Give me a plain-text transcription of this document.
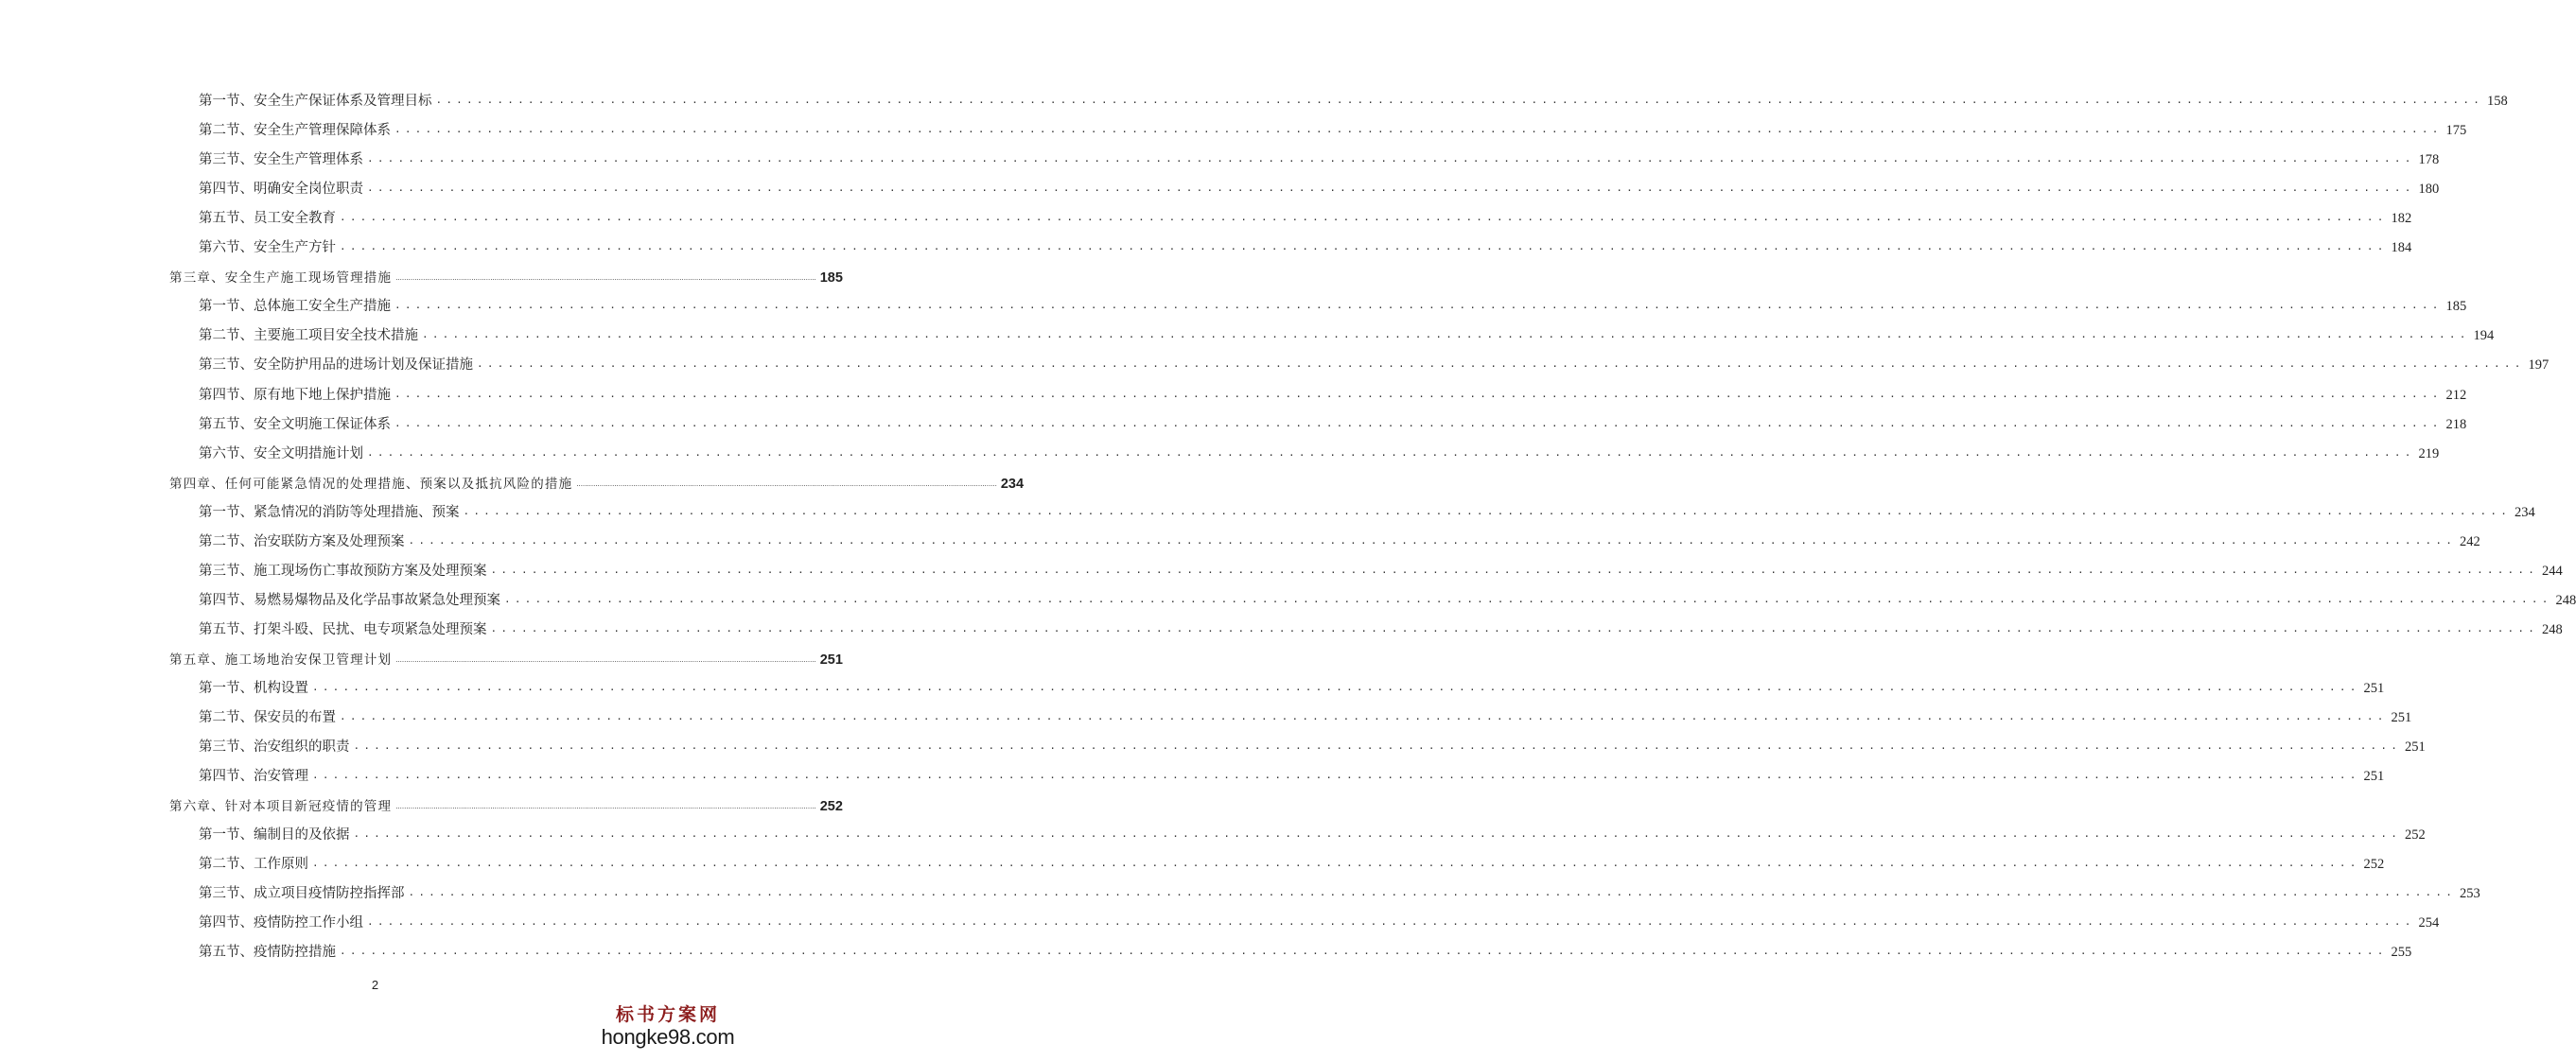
第一节、安全生产保证体系及管理目标 ........................................................................................................................................................................................................ 158
第二节、安全生产管理保障体系 ........................................................................................................................................................................................................ 175
第三节、安全生产管理体系 ........................................................................................................................................................................................................ 178
第四节、明确安全岗位职责 ........................................................................................................................................................................................................ 180
第五节、员工安全教育 ........................................................................................................................................................................................................ 182
第六节、安全生产方针 ........................................................................................................................................................................................................ 184
第三章、安全生产施工现场管理措施 ........................................................................................................................................................................................................ 185
第一节、总体施工安全生产措施 ........................................................................................................................................................................................................ 185
第二节、主要施工项目安全技术措施 ........................................................................................................................................................................................................ 194
第三节、安全防护用品的进场计划及保证措施 ........................................................................................................................................................................................................ 197
第四节、原有地下地上保护措施 ........................................................................................................................................................................................................ 212
第五节、安全文明施工保证体系 ........................................................................................................................................................................................................ 218
第六节、安全文明措施计划 ........................................................................................................................................................................................................ 219
第四章、任何可能紧急情况的处理措施、预案以及抵抗风险的措施 ........................................................................................................................................................................................................ 234
第一节、紧急情况的消防等处理措施、预案 ........................................................................................................................................................................................................ 234
第二节、治安联防方案及处理预案 ........................................................................................................................................................................................................ 242
第三节、施工现场伤亡事故预防方案及处理预案 ........................................................................................................................................................................................................ 244
第四节、易燃易爆物品及化学品事故紧急处理预案 ........................................................................................................................................................................................................ 248
第五节、打架斗殴、民扰、电专项紧急处理预案 ........................................................................................................................................................................................................ 248
第五章、施工场地治安保卫管理计划 ........................................................................................................................................................................................................ 251
第一节、机构设置 ........................................................................................................................................................................................................ 251
第二节、保安员的布置 ........................................................................................................................................................................................................ 251
第三节、治安组织的职责 ........................................................................................................................................................................................................ 251
第四节、治安管理 ........................................................................................................................................................................................................ 251
第六章、针对本项目新冠疫情的管理 ........................................................................................................................................................................................................ 252
第一节、编制目的及依据 ........................................................................................................................................................................................................ 252
第二节、工作原则 ........................................................................................................................................................................................................ 252
第三节、成立项目疫情防控指挥部 ........................................................................................................................................................................................................ 253
第四节、疫情防控工作小组 ........................................................................................................................................................................................................ 254
第五节、疫情防控措施 ........................................................................................................................................................................................................ 255
2
标书方案网
hongke98.com
